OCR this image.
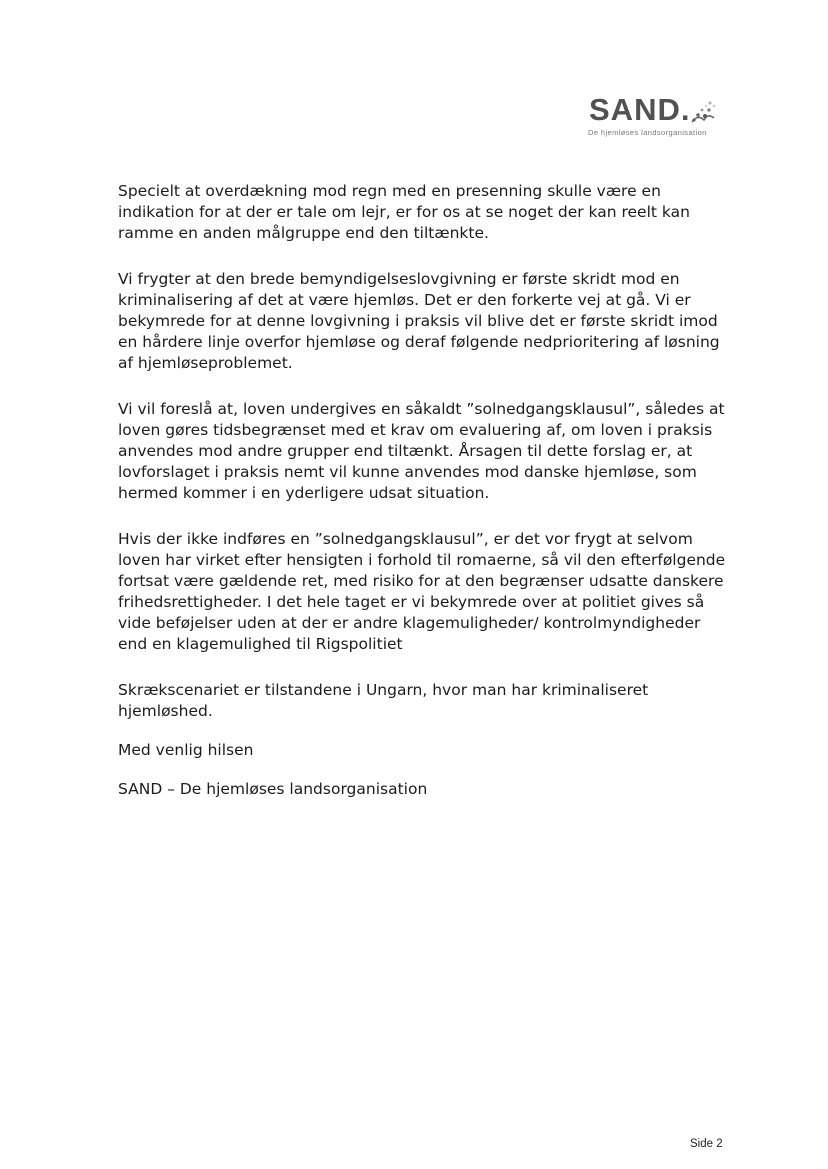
SAND.
De hjemløses landsorganisation

Specielt at overdækning mod regn med en presenning skulle være en indikation for at der er tale om lejr, er for os at se noget der kan reelt kan ramme en anden målgruppe end den tiltænkte.

Vi frygter at den brede bemyndigelseslovgivning er første skridt mod en kriminalisering af det at være hjemløs. Det er den forkerte vej at gå. Vi er bekymrede for at denne lovgivning i praksis vil blive det er første skridt imod en hårdere linje overfor hjemløse og deraf følgende nedprioritering af løsning af hjemløseproblemet.

Vi vil foreslå at, loven undergives en såkaldt ”solnedgangsklausul”, således at loven gøres tidsbegrænset med et krav om evaluering af, om loven i praksis anvendes mod andre grupper end tiltænkt. Årsagen til dette forslag er, at lovforslaget i praksis nemt vil kunne anvendes mod danske hjemløse, som hermed kommer i en yderligere udsat situation.

Hvis der ikke indføres en ”solnedgangsklausul”, er det vor frygt at selvom loven har virket efter hensigten i forhold til romaerne, så vil den efterfølgende fortsat være gældende ret, med risiko for at den begrænser udsatte danskere frihedsrettigheder. I det hele taget er vi bekymrede over at politiet gives så vide beføjelser uden at der er andre klagemuligheder/ kontrolmyndigheder end en klagemulighed til Rigspolitiet

Skrækscenariet er tilstandene i Ungarn, hvor man har kriminaliseret hjemløshed.

Med venlig hilsen

SAND – De hjemløses landsorganisation

Side 2
